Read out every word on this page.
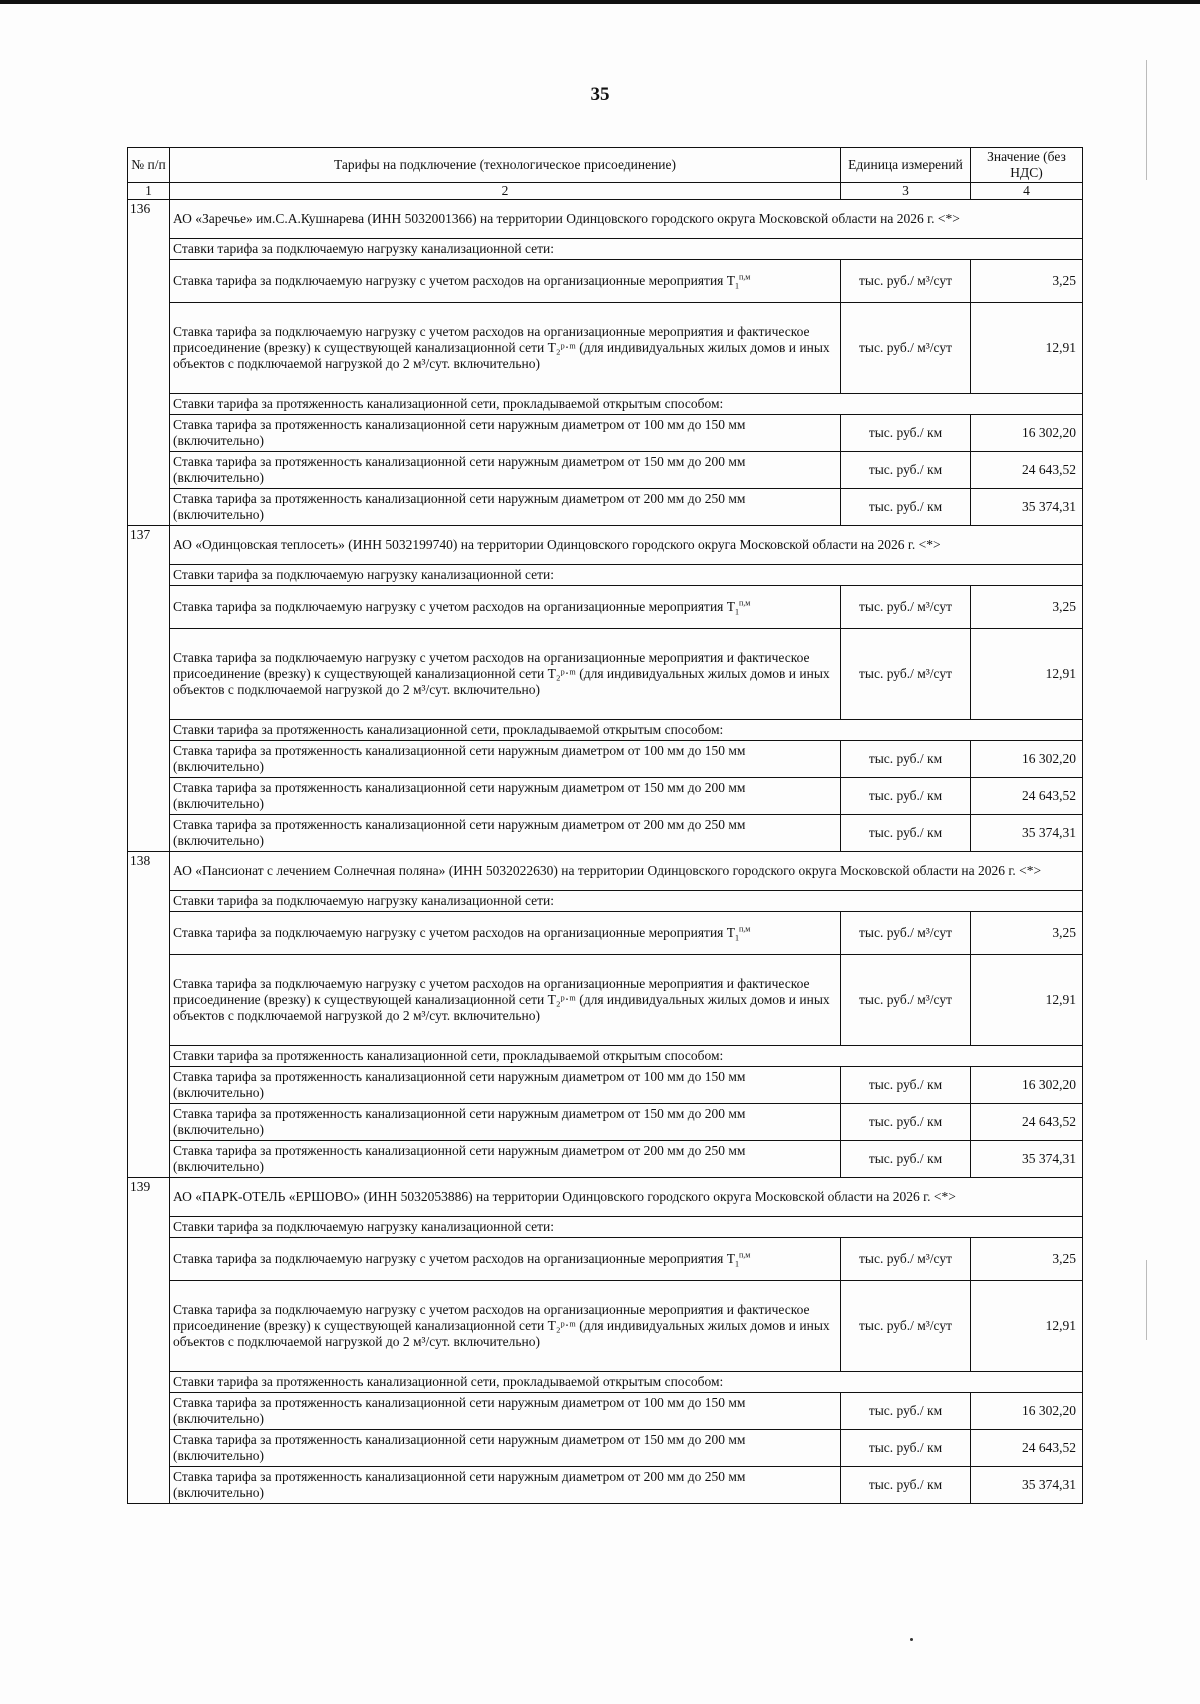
35
№ п/п	Тарифы на подключение (технологическое присоединение)	Единица измерений	Значение (без НДС)
1	2	3	4
136	АО «Заречье» им.С.А.Кушнарева (ИНН 5032001366) на территории Одинцовского городского округа Московской области на 2026 г. <*>		
	Ставки тарифа за подключаемую нагрузку канализационной сети:		
	Ставка тарифа за подключаемую нагрузку с учетом расходов на организационные мероприятия $T_1^{п,м}$	тыс. руб./ м³/сут	3,25
	Ставка тарифа за подключаемую нагрузку с учетом расходов на организационные мероприятия и фактическое присоединение (врезку) к существующей канализационной сети T₂ᵖ·ᵐ (для индивидуальных жилых домов и иных объектов с подключаемой нагрузкой до 2 м³/сут. включительно)	тыс. руб./ м³/сут	12,91
	Ставки тарифа за протяженность канализационной сети, прокладываемой открытым способом:		
	Ставка тарифа за протяженность канализационной сети наружным диаметром от 100 мм до 150 мм (включительно)	тыс. руб./ км	16 302,20
	Ставка тарифа за протяженность канализационной сети наружным диаметром от 150 мм до 200 мм (включительно)	тыс. руб./ км	24 643,52
	Ставка тарифа за протяженность канализационной сети наружным диаметром от 200 мм до 250 мм (включительно)	тыс. руб./ км	35 374,31
137	АО «Одинцовская теплосеть» (ИНН 5032199740) на территории Одинцовского городского округа Московской области на 2026 г. <*>		
	Ставки тарифа за подключаемую нагрузку канализационной сети:		
	Ставка тарифа за подключаемую нагрузку с учетом расходов на организационные мероприятия $T_1^{п,м}$	тыс. руб./ м³/сут	3,25
	Ставка тарифа за подключаемую нагрузку с учетом расходов на организационные мероприятия и фактическое присоединение (врезку) к существующей канализационной сети T₂ᵖ·ᵐ (для индивидуальных жилых домов и иных объектов с подключаемой нагрузкой до 2 м³/сут. включительно)	тыс. руб./ м³/сут	12,91
	Ставки тарифа за протяженность канализационной сети, прокладываемой открытым способом:		
	Ставка тарифа за протяженность канализационной сети наружным диаметром от 100 мм до 150 мм (включительно)	тыс. руб./ км	16 302,20
	Ставка тарифа за протяженность канализационной сети наружным диаметром от 150 мм до 200 мм (включительно)	тыс. руб./ км	24 643,52
	Ставка тарифа за протяженность канализационной сети наружным диаметром от 200 мм до 250 мм (включительно)	тыс. руб./ км	35 374,31
138	АО «Пансионат с лечением Солнечная поляна» (ИНН 5032022630) на территории Одинцовского городского округа Московской области на 2026 г. <*>		
	Ставки тарифа за подключаемую нагрузку канализационной сети:		
	Ставка тарифа за подключаемую нагрузку с учетом расходов на организационные мероприятия $T_1^{п,м}$	тыс. руб./ м³/сут	3,25
	Ставка тарифа за подключаемую нагрузку с учетом расходов на организационные мероприятия и фактическое присоединение (врезку) к существующей канализационной сети T₂ᵖ·ᵐ (для индивидуальных жилых домов и иных объектов с подключаемой нагрузкой до 2 м³/сут. включительно)	тыс. руб./ м³/сут	12,91
	Ставки тарифа за протяженность канализационной сети, прокладываемой открытым способом:		
	Ставка тарифа за протяженность канализационной сети наружным диаметром от 100 мм до 150 мм (включительно)	тыс. руб./ км	16 302,20
	Ставка тарифа за протяженность канализационной сети наружным диаметром от 150 мм до 200 мм (включительно)	тыс. руб./ км	24 643,52
	Ставка тарифа за протяженность канализационной сети наружным диаметром от 200 мм до 250 мм (включительно)	тыс. руб./ км	35 374,31
139	АО «ПАРК-ОТЕЛЬ «ЕРШОВО» (ИНН 5032053886) на территории Одинцовского городского округа Московской области на 2026 г. <*>		
	Ставки тарифа за подключаемую нагрузку канализационной сети:		
	Ставка тарифа за подключаемую нагрузку с учетом расходов на организационные мероприятия $T_1^{п,м}$	тыс. руб./ м³/сут	3,25
	Ставка тарифа за подключаемую нагрузку с учетом расходов на организационные мероприятия и фактическое присоединение (врезку) к существующей канализационной сети T₂ᵖ·ᵐ (для индивидуальных жилых домов и иных объектов с подключаемой нагрузкой до 2 м³/сут. включительно)	тыс. руб./ м³/сут	12,91
	Ставки тарифа за протяженность канализационной сети, прокладываемой открытым способом:		
	Ставка тарифа за протяженность канализационной сети наружным диаметром от 100 мм до 150 мм (включительно)	тыс. руб./ км	16 302,20
	Ставка тарифа за протяженность канализационной сети наружным диаметром от 150 мм до 200 мм (включительно)	тыс. руб./ км	24 643,52
	Ставка тарифа за протяженность канализационной сети наружным диаметром от 200 мм до 250 мм (включительно)	тыс. руб./ км	35 374,31
